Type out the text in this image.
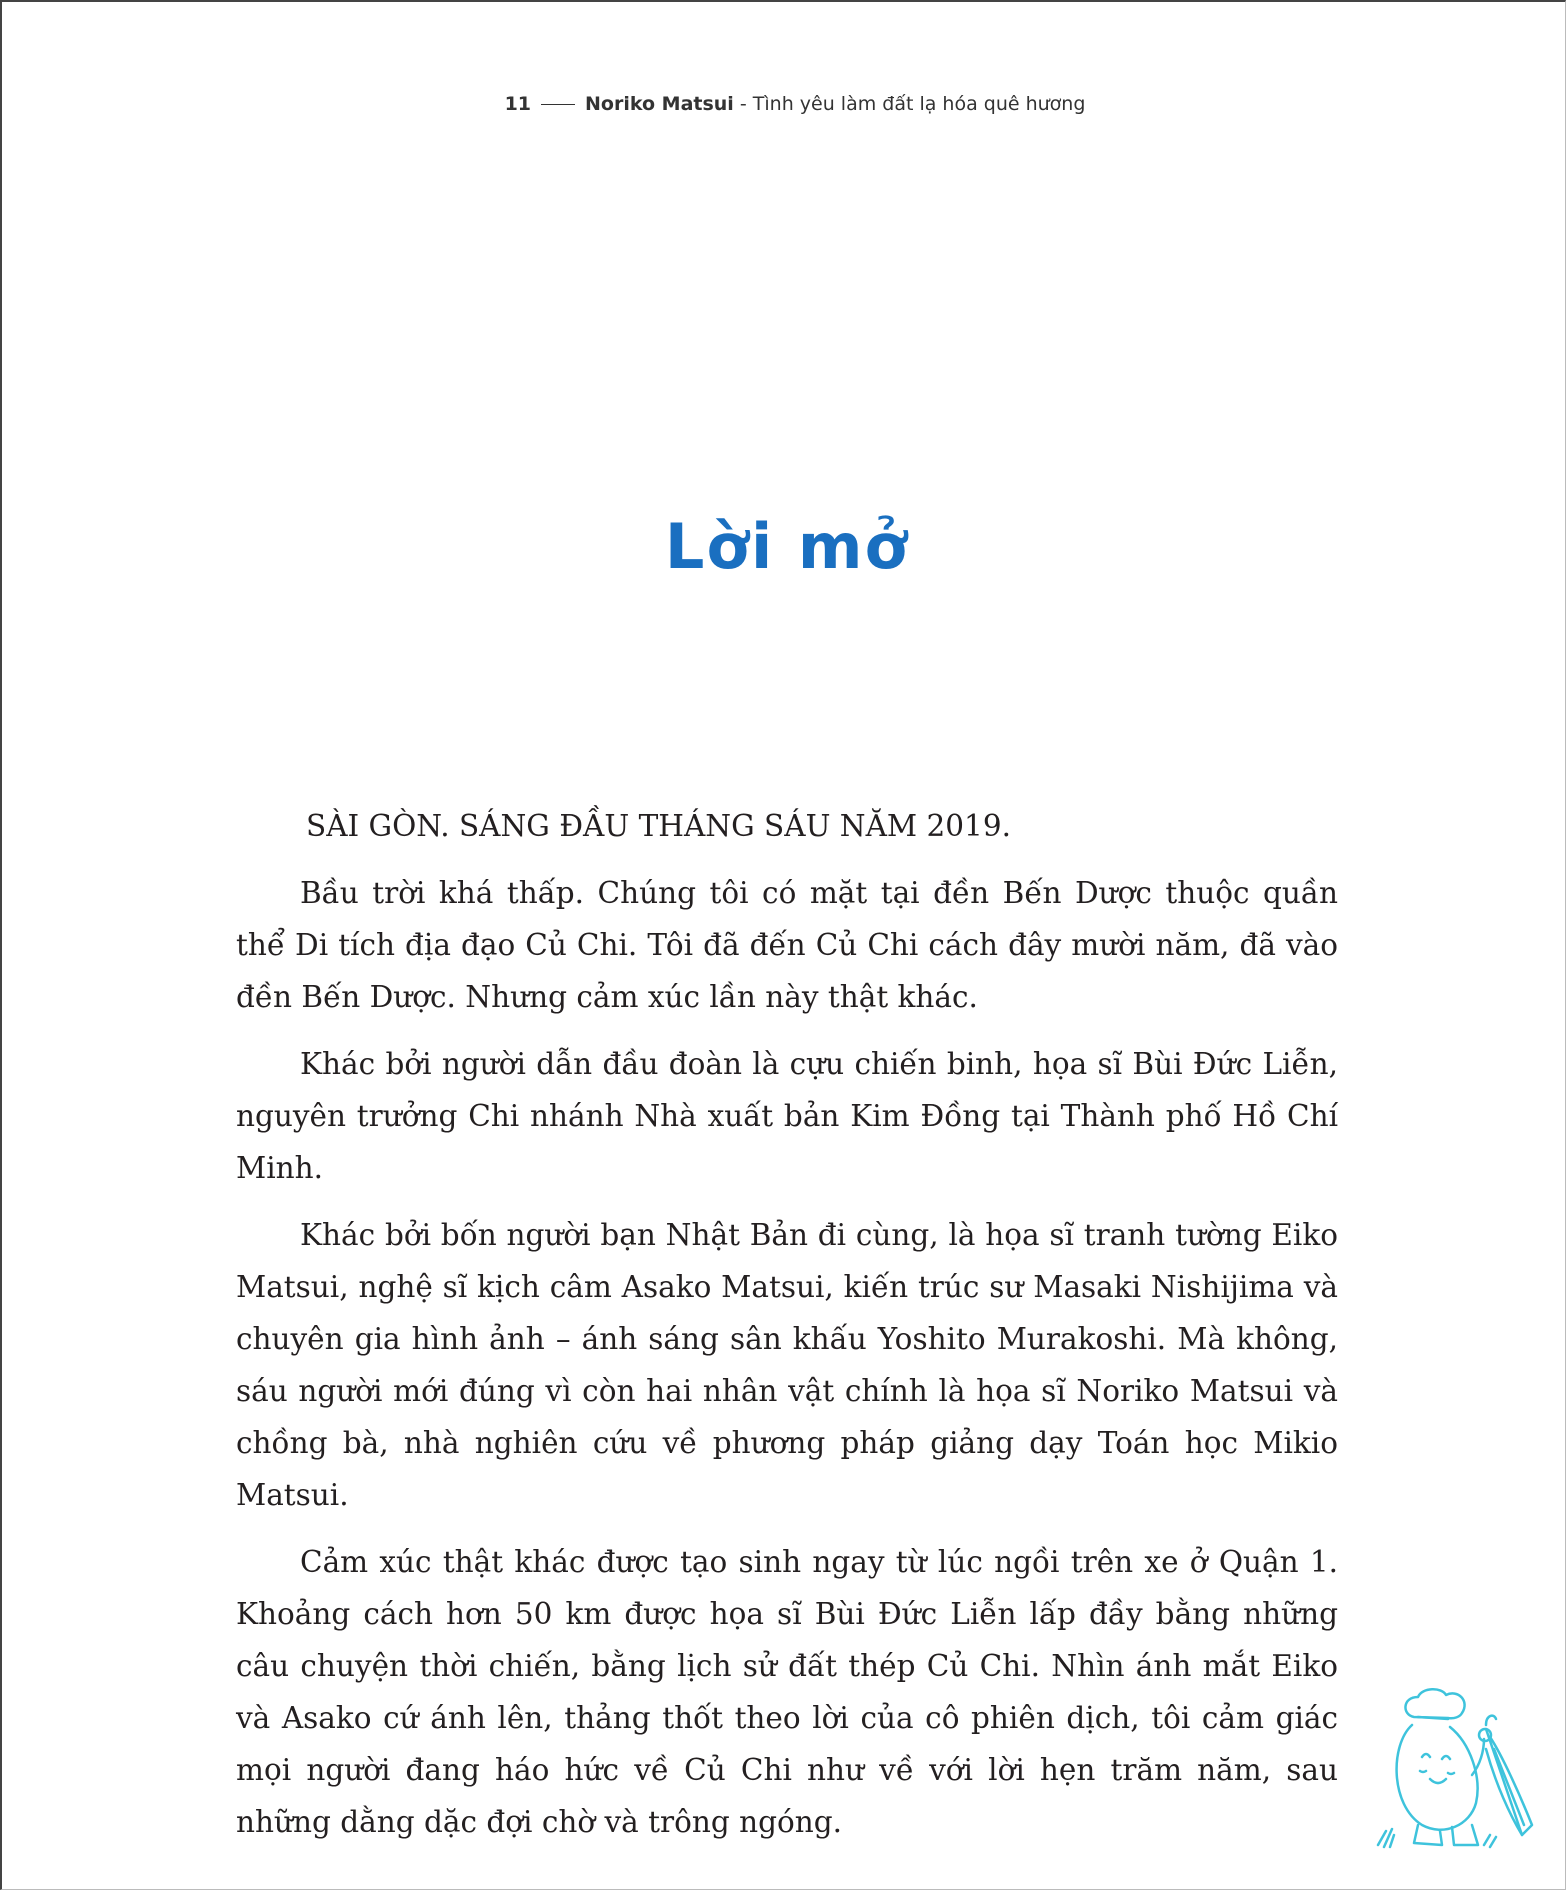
11	Noriko Matsui - Tình yêu làm đất lạ hóa quê hương
Lời mở

SÀI GÒN. SÁNG ĐẦU THÁNG SÁU NĂM 2019.

Bầu trời khá thấp. Chúng tôi có mặt tại đền Bến Dược thuộc quần thể Di tích địa đạo Củ Chi. Tôi đã đến Củ Chi cách đây mười năm, đã vào đền Bến Dược. Nhưng cảm xúc lần này thật khác.

Khác bởi người dẫn đầu đoàn là cựu chiến binh, họa sĩ Bùi Đức Liễn, nguyên trưởng Chi nhánh Nhà xuất bản Kim Đồng tại Thành phố Hồ Chí Minh.

Khác bởi bốn người bạn Nhật Bản đi cùng, là họa sĩ tranh tường Eiko Matsui, nghệ sĩ kịch câm Asako Matsui, kiến trúc sư Masaki Nishijima và chuyên gia hình ảnh – ánh sáng sân khấu Yoshito Murakoshi. Mà không, sáu người mới đúng vì còn hai nhân vật chính là họa sĩ Noriko Matsui và chồng bà, nhà nghiên cứu về phương pháp giảng dạy Toán học Mikio Matsui.

Cảm xúc thật khác được tạo sinh ngay từ lúc ngồi trên xe ở Quận 1. Khoảng cách hơn 50 km được họa sĩ Bùi Đức Liễn lấp đầy bằng những câu chuyện thời chiến, bằng lịch sử đất thép Củ Chi. Nhìn ánh mắt Eiko và Asako cứ ánh lên, thảng thốt theo lời của cô phiên dịch, tôi cảm giác mọi người đang háo hức về Củ Chi như về với lời hẹn trăm năm, sau những dằng dặc đợi chờ và trông ngóng.
